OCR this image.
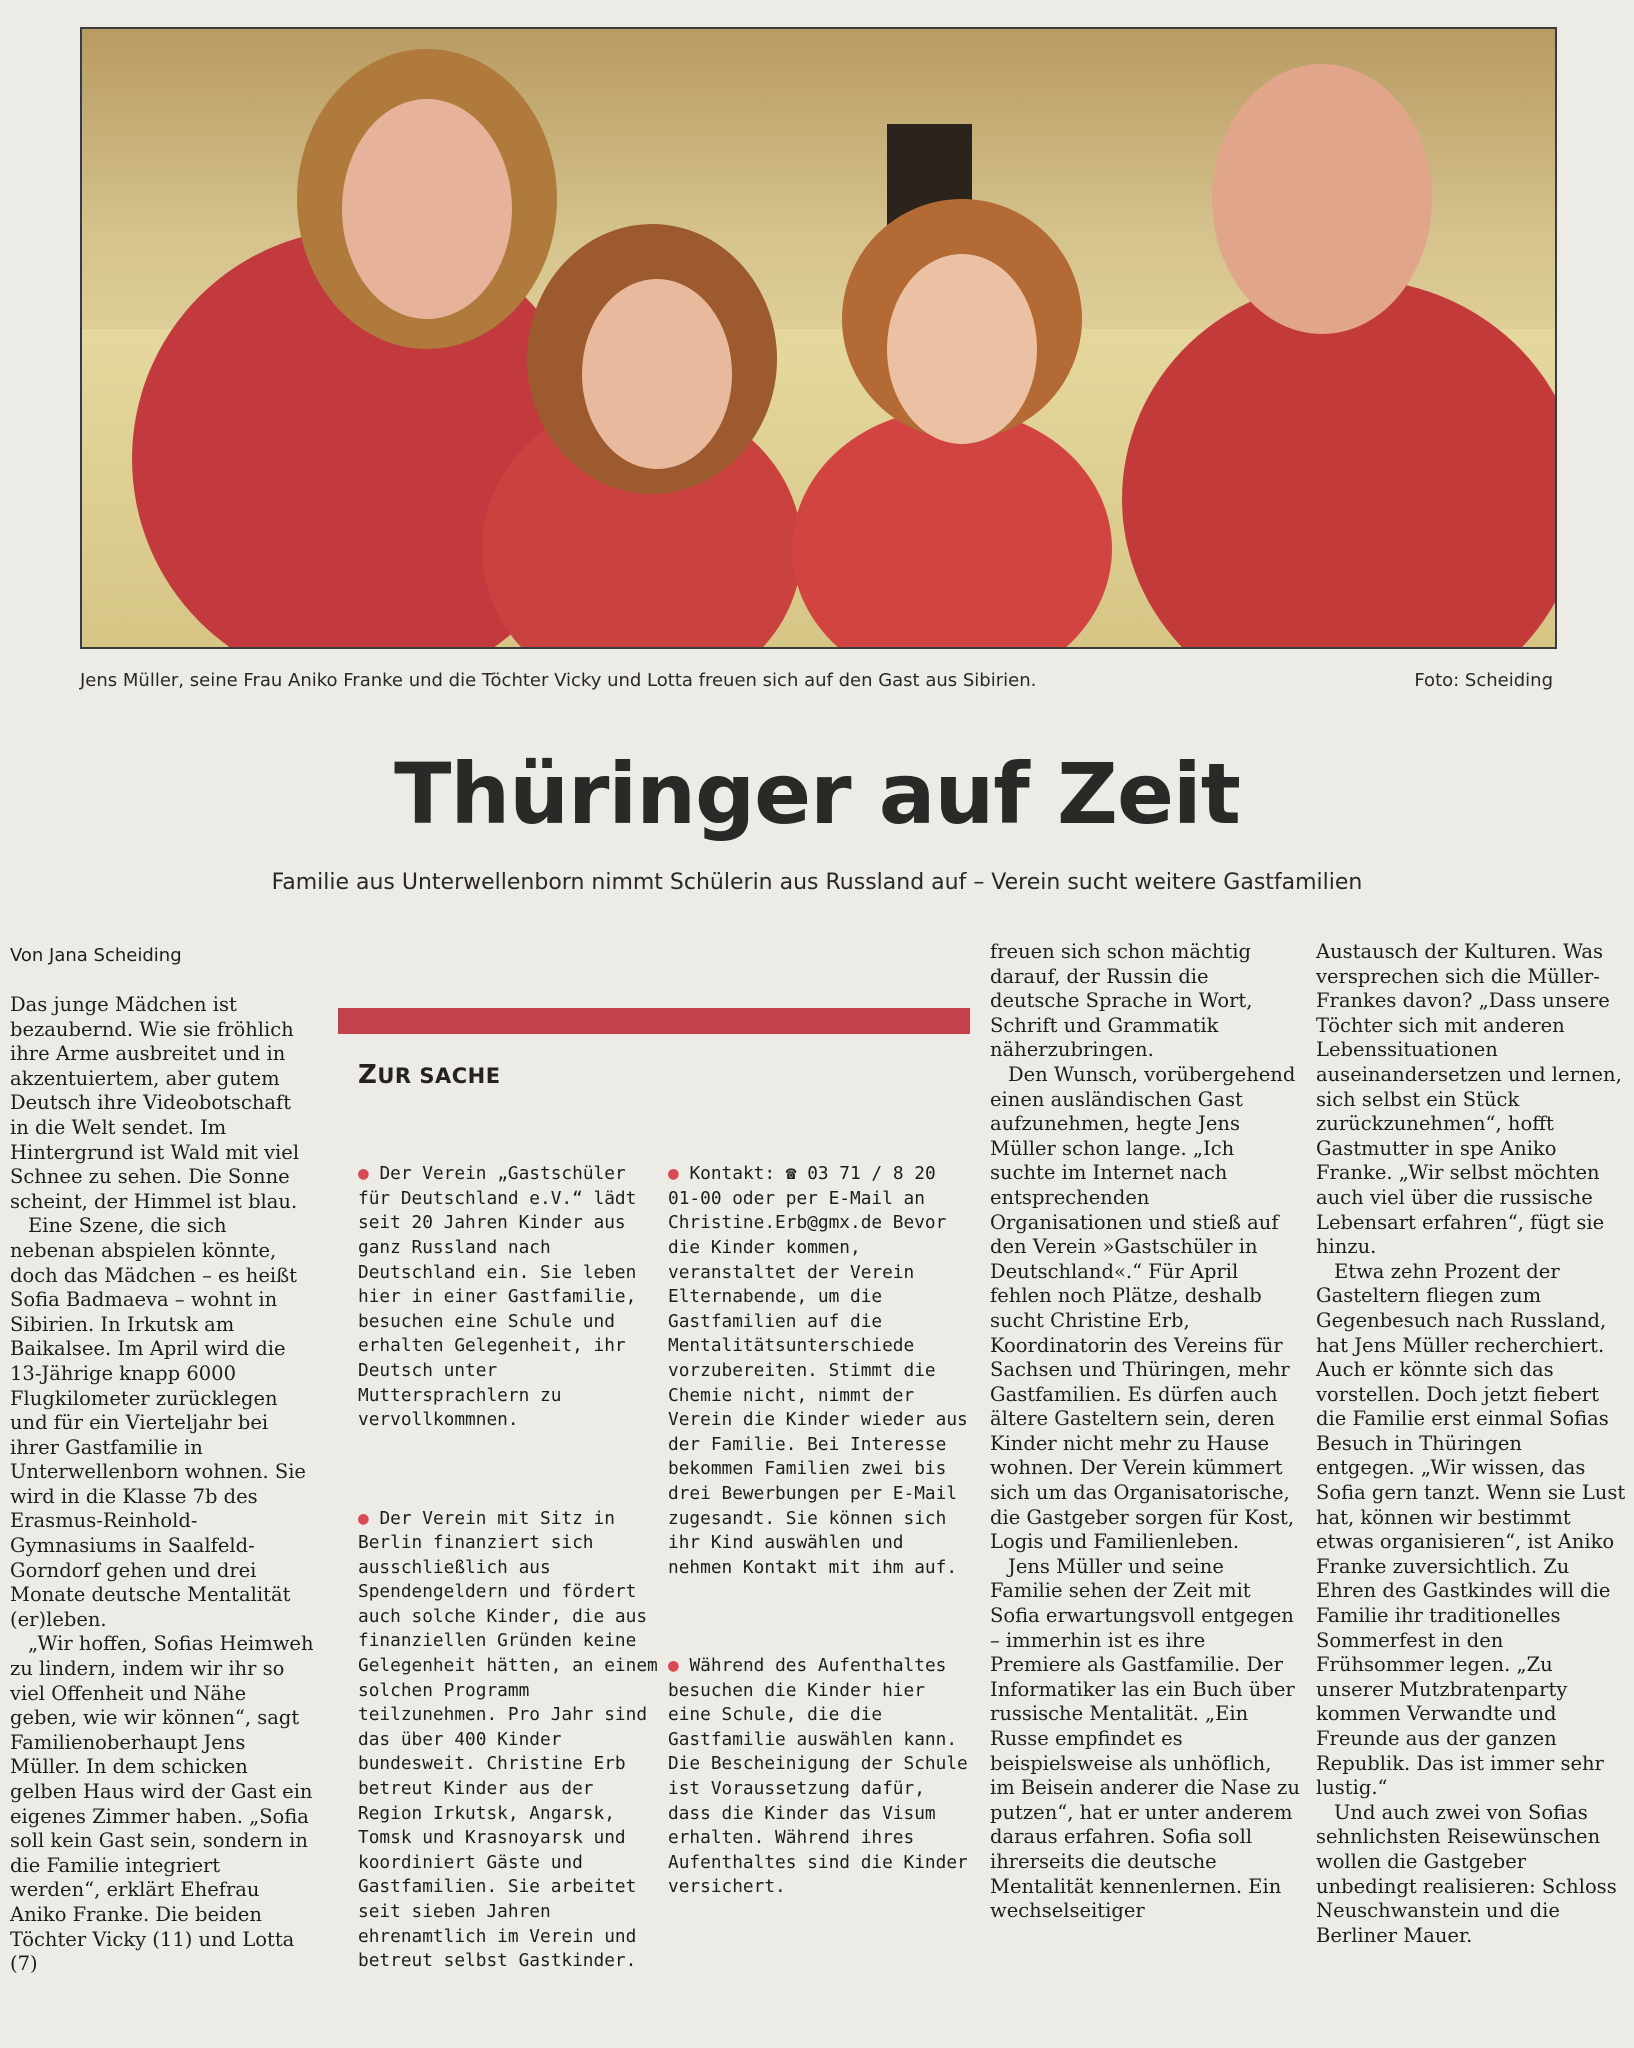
Jens Müller, seine Frau Aniko Franke und die Töchter Vicky und Lotta freuen sich auf den Gast aus Sibirien.	Foto: Scheiding
Thüringer auf Zeit
Familie aus Unterwellenborn nimmt Schülerin aus Russland auf – Verein sucht weitere Gastfamilien
Von Jana Scheiding

Das junge Mädchen ist bezaubernd. Wie sie fröhlich ihre Arme ausbreitet und in akzentuiertem, aber gutem Deutsch ihre Videobotschaft in die Welt sendet. Im Hintergrund ist Wald mit viel Schnee zu sehen. Die Sonne scheint, der Himmel ist blau.

Eine Szene, die sich nebenan abspielen könnte, doch das Mädchen – es heißt Sofia Badmaeva – wohnt in Sibirien. In Irkutsk am Baikalsee. Im April wird die 13-Jährige knapp 6000 Flugkilometer zurücklegen und für ein Vierteljahr bei ihrer Gastfamilie in Unterwellenborn wohnen. Sie wird in die Klasse 7b des Erasmus-Reinhold-Gymnasiums in Saalfeld-Gorndorf gehen und drei Monate deutsche Mentalität (er)leben.

„Wir hoffen, Sofias Heimweh zu lindern, indem wir ihr so viel Offenheit und Nähe geben, wie wir können“, sagt Familienoberhaupt Jens Müller. In dem schicken gelben Haus wird der Gast ein eigenes Zimmer haben. „Sofia soll kein Gast sein, sondern in die Familie integriert werden“, erklärt Ehefrau Aniko Franke. Die beiden Töchter Vicky (11) und Lotta (7)

ZUR SACHE

● Der Verein „Gastschüler für Deutschland e.V.“ lädt seit 20 Jahren Kinder aus ganz Russland nach Deutschland ein. Sie leben hier in einer Gastfamilie, besuchen eine Schule und erhalten Gelegenheit, ihr Deutsch unter Muttersprachlern zu vervollkommnen.

● Der Verein mit Sitz in Berlin finanziert sich ausschließlich aus Spendengeldern und fördert auch solche Kinder, die aus finanziellen Gründen keine Gelegenheit hätten, an einem solchen Programm teilzunehmen. Pro Jahr sind das über 400 Kinder bundesweit. Christine Erb betreut Kinder aus der Region Irkutsk, Angarsk, Tomsk und Krasnoyarsk und koordiniert Gäste und Gastfamilien. Sie arbeitet seit sieben Jahren ehrenamtlich im Verein und betreut selbst Gastkinder.

● Kontakt: ☎ 03 71 / 8 20 01-00 oder per E-Mail an Christine.Erb@gmx.de Bevor die Kinder kommen, veranstaltet der Verein Elternabende, um die Gastfamilien auf die Mentalitätsunterschiede vorzubereiten. Stimmt die Chemie nicht, nimmt der Verein die Kinder wieder aus der Familie. Bei Interesse bekommen Familien zwei bis drei Bewerbungen per E-Mail zugesandt. Sie können sich ihr Kind auswählen und nehmen Kontakt mit ihm auf.

● Während des Aufenthaltes besuchen die Kinder hier eine Schule, die die Gastfamilie auswählen kann. Die Bescheinigung der Schule ist Voraussetzung dafür, dass die Kinder das Visum erhalten. Während ihres Aufenthaltes sind die Kinder versichert.

freuen sich schon mächtig darauf, der Russin die deutsche Sprache in Wort, Schrift und Grammatik näherzubringen.

Den Wunsch, vorübergehend einen ausländischen Gast aufzunehmen, hegte Jens Müller schon lange. „Ich suchte im Internet nach entsprechenden Organisationen und stieß auf den Verein »Gastschüler in Deutschland«.“ Für April fehlen noch Plätze, deshalb sucht Christine Erb, Koordinatorin des Vereins für Sachsen und Thüringen, mehr Gastfamilien. Es dürfen auch ältere Gasteltern sein, deren Kinder nicht mehr zu Hause wohnen. Der Verein kümmert sich um das Organisatorische, die Gastgeber sorgen für Kost, Logis und Familienleben.

Jens Müller und seine Familie sehen der Zeit mit Sofia erwartungsvoll entgegen – immerhin ist es ihre Premiere als Gastfamilie. Der Informatiker las ein Buch über russische Mentalität. „Ein Russe empfindet es beispielsweise als unhöflich, im Beisein anderer die Nase zu putzen“, hat er unter anderem daraus erfahren. Sofia soll ihrerseits die deutsche Mentalität kennenlernen. Ein wechselseitiger

Austausch der Kulturen. Was versprechen sich die Müller-Frankes davon? „Dass unsere Töchter sich mit anderen Lebenssituationen auseinandersetzen und lernen, sich selbst ein Stück zurückzunehmen“, hofft Gastmutter in spe Aniko Franke. „Wir selbst möchten auch viel über die russische Lebensart erfahren“, fügt sie hinzu.

Etwa zehn Prozent der Gasteltern fliegen zum Gegenbesuch nach Russland, hat Jens Müller recherchiert. Auch er könnte sich das vorstellen. Doch jetzt fiebert die Familie erst einmal Sofias Besuch in Thüringen entgegen. „Wir wissen, das Sofia gern tanzt. Wenn sie Lust hat, können wir bestimmt etwas organisieren“, ist Aniko Franke zuversichtlich. Zu Ehren des Gastkindes will die Familie ihr traditionelles Sommerfest in den Frühsommer legen. „Zu unserer Mutzbratenparty kommen Verwandte und Freunde aus der ganzen Republik. Das ist immer sehr lustig.“

Und auch zwei von Sofias sehnlichsten Reisewünschen wollen die Gastgeber unbedingt realisieren: Schloss Neuschwanstein und die Berliner Mauer.
